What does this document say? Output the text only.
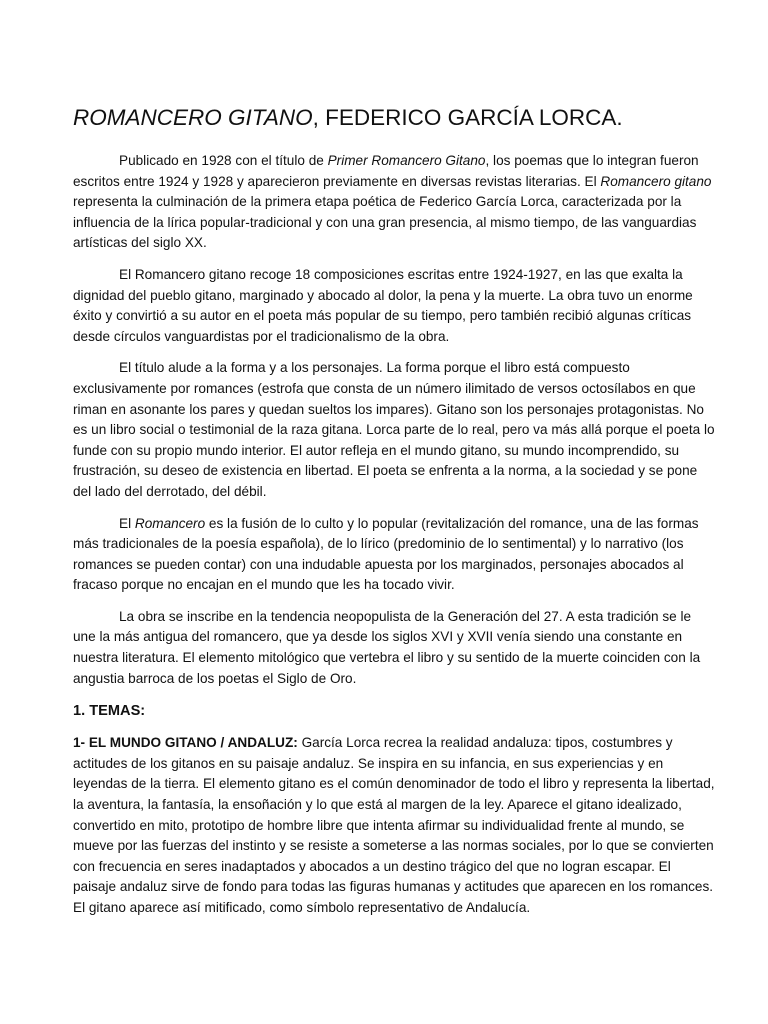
ROMANCERO GITANO, FEDERICO GARCÍA LORCA.

Publicado en 1928 con el título de Primer Romancero Gitano, los poemas que lo integran fueron escritos entre 1924 y 1928 y aparecieron previamente en diversas revistas literarias. El Romancero gitano representa la culminación de la primera etapa poética de Federico García Lorca, caracterizada por la influencia de la lírica popular-tradicional y con una gran presencia, al mismo tiempo, de las vanguardias artísticas del siglo XX.

El Romancero gitano recoge 18 composiciones escritas entre 1924-1927, en las que exalta la dignidad del pueblo gitano, marginado y abocado al dolor, la pena y la muerte. La obra tuvo un enorme éxito y convirtió a su autor en el poeta más popular de su tiempo, pero también recibió algunas críticas desde círculos vanguardistas por el tradicionalismo de la obra.

El título alude a la forma y a los personajes. La forma porque el libro está compuesto exclusivamente por romances (estrofa que consta de un número ilimitado de versos octosílabos en que riman en asonante los pares y quedan sueltos los impares). Gitano son los personajes protagonistas. No es un libro social o testimonial de la raza gitana. Lorca parte de lo real, pero va más allá porque el poeta lo funde con su propio mundo interior. El autor refleja en el mundo gitano, su mundo incomprendido, su frustración, su deseo de existencia en libertad. El poeta se enfrenta a la norma, a la sociedad y se pone del lado del derrotado, del débil.

El Romancero es la fusión de lo culto y lo popular (revitalización del romance, una de las formas más tradicionales de la poesía española), de lo lírico (predominio de lo sentimental) y lo narrativo (los romances se pueden contar) con una indudable apuesta por los marginados, personajes abocados al fracaso porque no encajan en el mundo que les ha tocado vivir.

La obra se inscribe en la tendencia neopopulista de la Generación del 27. A esta tradición se le une la más antigua del romancero, que ya desde los siglos XVI y XVII venía siendo una constante en nuestra literatura. El elemento mitológico que vertebra el libro y su sentido de la muerte coinciden con la angustia barroca de los poetas el Siglo de Oro.

1. TEMAS:

1- EL MUNDO GITANO / ANDALUZ: García Lorca recrea la realidad andaluza: tipos, costumbres y actitudes de los gitanos en su paisaje andaluz. Se inspira en su infancia, en sus experiencias y en leyendas de la tierra. El elemento gitano es el común denominador de todo el libro y representa la libertad, la aventura, la fantasía, la ensoñación y lo que está al margen de la ley. Aparece el gitano idealizado, convertido en mito, prototipo de hombre libre que intenta afirmar su individualidad frente al mundo, se mueve por las fuerzas del instinto y se resiste a someterse a las normas sociales, por lo que se convierten con frecuencia en seres inadaptados y abocados a un destino trágico del que no logran escapar. El paisaje andaluz sirve de fondo para todas las figuras humanas y actitudes que aparecen en los romances. El gitano aparece así mitificado, como símbolo representativo de Andalucía.
